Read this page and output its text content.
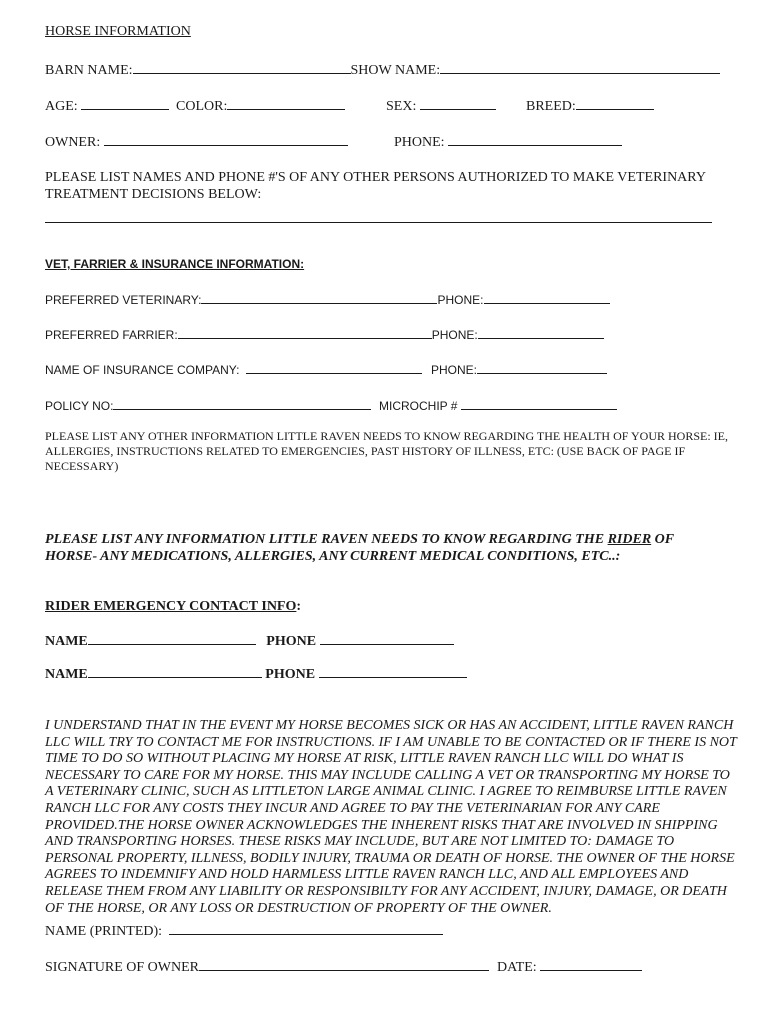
HORSE INFORMATION
BARN NAME:	SHOW NAME:
AGE:	COLOR:	SEX:	BREED:
OWNER:	PHONE:
PLEASE LIST NAMES AND PHONE #'S OF ANY OTHER PERSONS AUTHORIZED TO MAKE VETERINARY TREATMENT DECISIONS BELOW:
VET, FARRIER & INSURANCE INFORMATION:
PREFERRED VETERINARY:	PHONE:
PREFERRED FARRIER:	PHONE:
NAME OF INSURANCE COMPANY:	PHONE:
POLICY NO:	MICROCHIP #
PLEASE LIST ANY OTHER INFORMATION LITTLE RAVEN NEEDS TO KNOW REGARDING THE HEALTH OF YOUR HORSE: IE, ALLERGIES, INSTRUCTIONS RELATED TO EMERGENCIES, PAST HISTORY OF ILLNESS, ETC: (USE BACK OF PAGE IF NECESSARY)
PLEASE LIST ANY INFORMATION LITTLE RAVEN NEEDS TO KNOW REGARDING THE RIDER OF HORSE- ANY MEDICATIONS, ALLERGIES, ANY CURRENT MEDICAL CONDITIONS, ETC..:
RIDER EMERGENCY CONTACT INFO:
NAME	PHONE
NAME	PHONE
I UNDERSTAND THAT IN THE EVENT MY HORSE BECOMES SICK OR HAS AN ACCIDENT, LITTLE RAVEN RANCH LLC WILL TRY TO CONTACT ME FOR INSTRUCTIONS. IF I AM UNABLE TO BE CONTACTED OR IF THERE IS NOT TIME TO DO SO WITHOUT PLACING MY HORSE AT RISK, LITTLE RAVEN RANCH LLC WILL DO WHAT IS NECESSARY TO CARE FOR MY HORSE. THIS MAY INCLUDE CALLING A VET OR TRANSPORTING MY HORSE TO A VETERINARY CLINIC, SUCH AS LITTLETON LARGE ANIMAL CLINIC. I AGREE TO REIMBURSE LITTLE RAVEN RANCH LLC FOR ANY COSTS THEY INCUR AND AGREE TO PAY THE VETERINARIAN FOR ANY CARE PROVIDED.THE HORSE OWNER ACKNOWLEDGES THE INHERENT RISKS THAT ARE INVOLVED IN SHIPPING AND TRANSPORTING HORSES. THESE RISKS MAY INCLUDE, BUT ARE NOT LIMITED TO: DAMAGE TO PERSONAL PROPERTY, ILLNESS, BODILY INJURY, TRAUMA OR DEATH OF HORSE. THE OWNER OF THE HORSE AGREES TO INDEMNIFY AND HOLD HARMLESS LITTLE RAVEN RANCH LLC, AND ALL EMPLOYEES AND RELEASE THEM FROM ANY LIABILITY OR RESPONSIBILTY FOR ANY ACCIDENT, INJURY, DAMAGE, OR DEATH OF THE HORSE, OR ANY LOSS OR DESTRUCTION OF PROPERTY OF THE OWNER.
NAME (PRINTED):
SIGNATURE OF OWNER	DATE:
